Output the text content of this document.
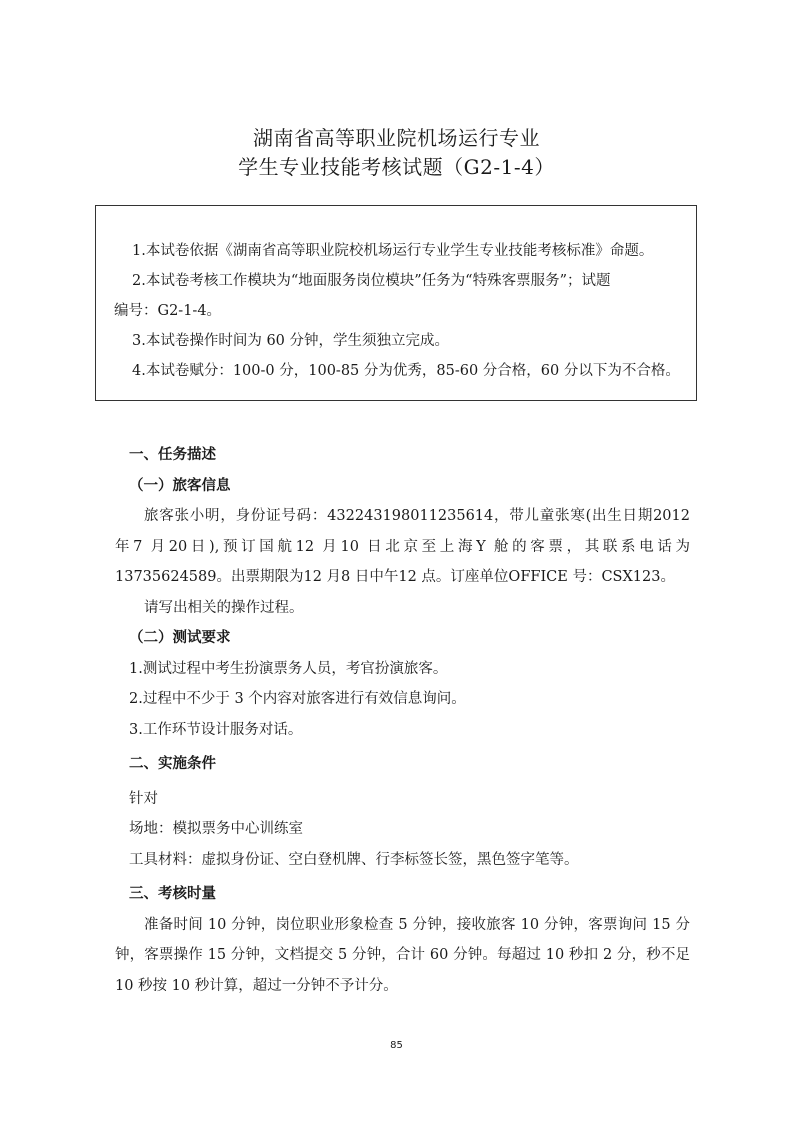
湖南省高等职业院机场运行专业
学生专业技能考核试题（G2-1-4）

1.本试卷依据《湖南省高等职业院校机场运行专业学生专业技能考核标准》命题。

2.本试卷考核工作模块为“地面服务岗位模块”任务为“特殊客票服务”；试题

编号：G2-1-4。

3.本试卷操作时间为 60 分钟，学生须独立完成。

4.本试卷赋分：100-0 分，100-85 分为优秀，85-60 分合格，60 分以下为不合格。

一、任务描述

（一）旅客信息

旅客张小明，身份证号码：432243198011235614，带儿童张寒(出生日期2012 年7 月20日),预订国航12 月10 日北京至上海Y 舱的客票，其联系电话为13735624589。出票期限为12 月8 日中午12 点。订座单位OFFICE 号：CSX123。

请写出相关的操作过程。

（二）测试要求

1.测试过程中考生扮演票务人员，考官扮演旅客。

2.过程中不少于 3 个内容对旅客进行有效信息询问。

3.工作环节设计服务对话。

二、实施条件

针对

场地：模拟票务中心训练室

工具材料：虚拟身份证、空白登机牌、行李标签长签，黑色签字笔等。

三、考核时量

准备时间 10 分钟，岗位职业形象检查 5 分钟，接收旅客 10 分钟，客票询问 15 分钟，客票操作 15 分钟，文档提交 5 分钟，合计 60 分钟。每超过 10 秒扣 2 分，秒不足 10 秒按 10 秒计算，超过一分钟不予计分。

85
